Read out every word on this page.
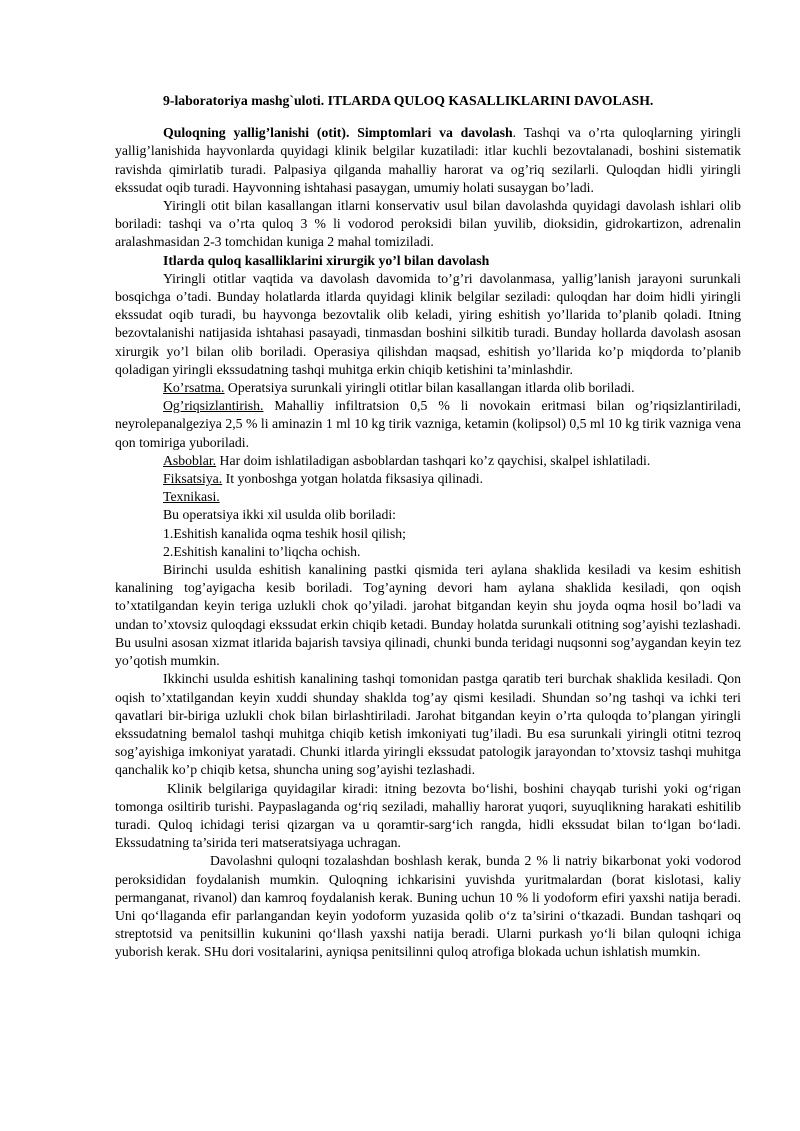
9-laboratoriya mashg`uloti. ITLARDA QULOQ KASALLIKLARINI DAVOLASH.

Quloqning yallig’lanishi (otit). Simptomlari va davolash. Tashqi va o’rta quloqlarning yiringli yallig’lanishida hayvonlarda quyidagi klinik belgilar kuzatiladi: itlar kuchli bezovtalanadi, boshini sistematik ravishda qimirlatib turadi. Palpasiya qilganda mahalliy harorat va og’riq sezilarli. Quloqdan hidli yiringli ekssudat oqib turadi. Hayvonning ishtahasi pasaygan, umumiy holati susaygan bo’ladi.

Yiringli otit bilan kasallangan itlarni konservativ usul bilan davolashda quyidagi davolash ishlari olib boriladi: tashqi va o’rta quloq 3 % li vodorod peroksidi bilan yuvilib, dioksidin, gidrokartizon, adrenalin aralashmasidan 2-3 tomchidan kuniga 2 mahal tomiziladi.

Itlarda quloq kasalliklarini xirurgik yo’l bilan davolash

Yiringli otitlar vaqtida va davolash davomida to’g’ri davolanmasa, yallig’lanish jarayoni surunkali bosqichga o’tadi. Bunday holatlarda itlarda quyidagi klinik belgilar seziladi: quloqdan har doim hidli yiringli ekssudat oqib turadi, bu hayvonga bezovtalik olib keladi, yiring eshitish yo’llarida to’planib qoladi. Itning bezovtalanishi natijasida ishtahasi pasayadi, tinmasdan boshini silkitib turadi. Bunday hollarda davolash asosan xirurgik yo’l bilan olib boriladi. Operasiya qilishdan maqsad, eshitish yo’llarida ko’p miqdorda to’planib qoladigan yiringli ekssudatning tashqi muhitga erkin chiqib ketishini ta’minlashdir.

Ko’rsatma. Operatsiya surunkali yiringli otitlar bilan kasallangan itlarda olib boriladi.

Og’riqsizlantirish. Mahalliy infiltratsion 0,5 % li novokain eritmasi bilan og’riqsizlantiriladi, neyrolepanalgeziya 2,5 % li aminazin 1 ml 10 kg tirik vazniga, ketamin (kolipsol) 0,5 ml 10 kg tirik vazniga vena qon tomiriga yuboriladi.

Asboblar. Har doim ishlatiladigan asboblardan tashqari ko’z qaychisi, skalpel ishlatiladi.

Fiksatsiya. It yonboshga yotgan holatda fiksasiya qilinadi.

Texnikasi.

Bu operatsiya ikki xil usulda olib boriladi:

1.Eshitish kanalida oqma teshik hosil qilish;

2.Eshitish kanalini to’liqcha ochish.

Birinchi usulda eshitish kanalining pastki qismida teri aylana shaklida kesiladi va kesim eshitish kanalining tog’ayigacha kesib boriladi. Tog’ayning devori ham aylana shaklida kesiladi, qon oqish to’xtatilgandan keyin teriga uzlukli chok qo’yiladi. jarohat bitgandan keyin shu joyda oqma hosil bo’ladi va undan to’xtovsiz quloqdagi ekssudat erkin chiqib ketadi. Bunday holatda surunkali otitning sog’ayishi tezlashadi. Bu usulni asosan xizmat itlarida bajarish tavsiya qilinadi, chunki bunda teridagi nuqsonni sog’aygandan keyin tez yo’qotish mumkin.

Ikkinchi usulda eshitish kanalining tashqi tomonidan pastga qaratib teri burchak shaklida kesiladi. Qon oqish to’xtatilgandan keyin xuddi shunday shaklda tog’ay qismi kesiladi. Shundan so’ng tashqi va ichki teri qavatlari bir-biriga uzlukli chok bilan birlashtiriladi. Jarohat bitgandan keyin o’rta quloqda to’plangan yiringli ekssudatning bemalol tashqi muhitga chiqib ketish imkoniyati tug’iladi. Bu esa surunkali yiringli otitni tezroq sog’ayishiga imkoniyat yaratadi. Chunki itlarda yiringli ekssudat patologik jarayondan to’xtovsiz tashqi muhitga qanchalik ko’p chiqib ketsa, shuncha uning sog’ayishi tezlashadi.

Klinik belgilariga quyidagilar kiradi: itning bezovta bo‘lishi, boshini chayqab turishi yoki og‘rigan tomonga osiltirib turishi. Paypaslaganda og‘riq seziladi, mahalliy harorat yuqori, suyuqlikning harakati eshitilib turadi. Quloq ichidagi terisi qizargan va u qoramtir-sarg‘ich rangda, hidli ekssudat bilan to‘lgan bo‘ladi. Ekssudatning ta’sirida teri matseratsiyaga uchragan.

Davolashni quloqni tozalashdan boshlash kerak, bunda 2 % li natriy bikarbonat yoki vodorod peroksididan foydalanish mumkin. Quloqning ichkarisini yuvishda yuritmalardan (borat kislotasi, kaliy permanganat, rivanol) dan kamroq foydalanish kerak. Buning uchun 10 % li yodoform efiri yaxshi natija beradi. Uni qo‘llaganda efir parlangandan keyin yodoform yuzasida qolib o‘z ta’sirini o‘tkazadi. Bundan tashqari oq streptotsid va penitsillin kukunini qo‘llash yaxshi natija beradi. Ularni purkash yo‘li bilan quloqni ichiga yuborish kerak. SHu dori vositalarini, ayniqsa penitsilinni quloq atrofiga blokada uchun ishlatish mumkin.
